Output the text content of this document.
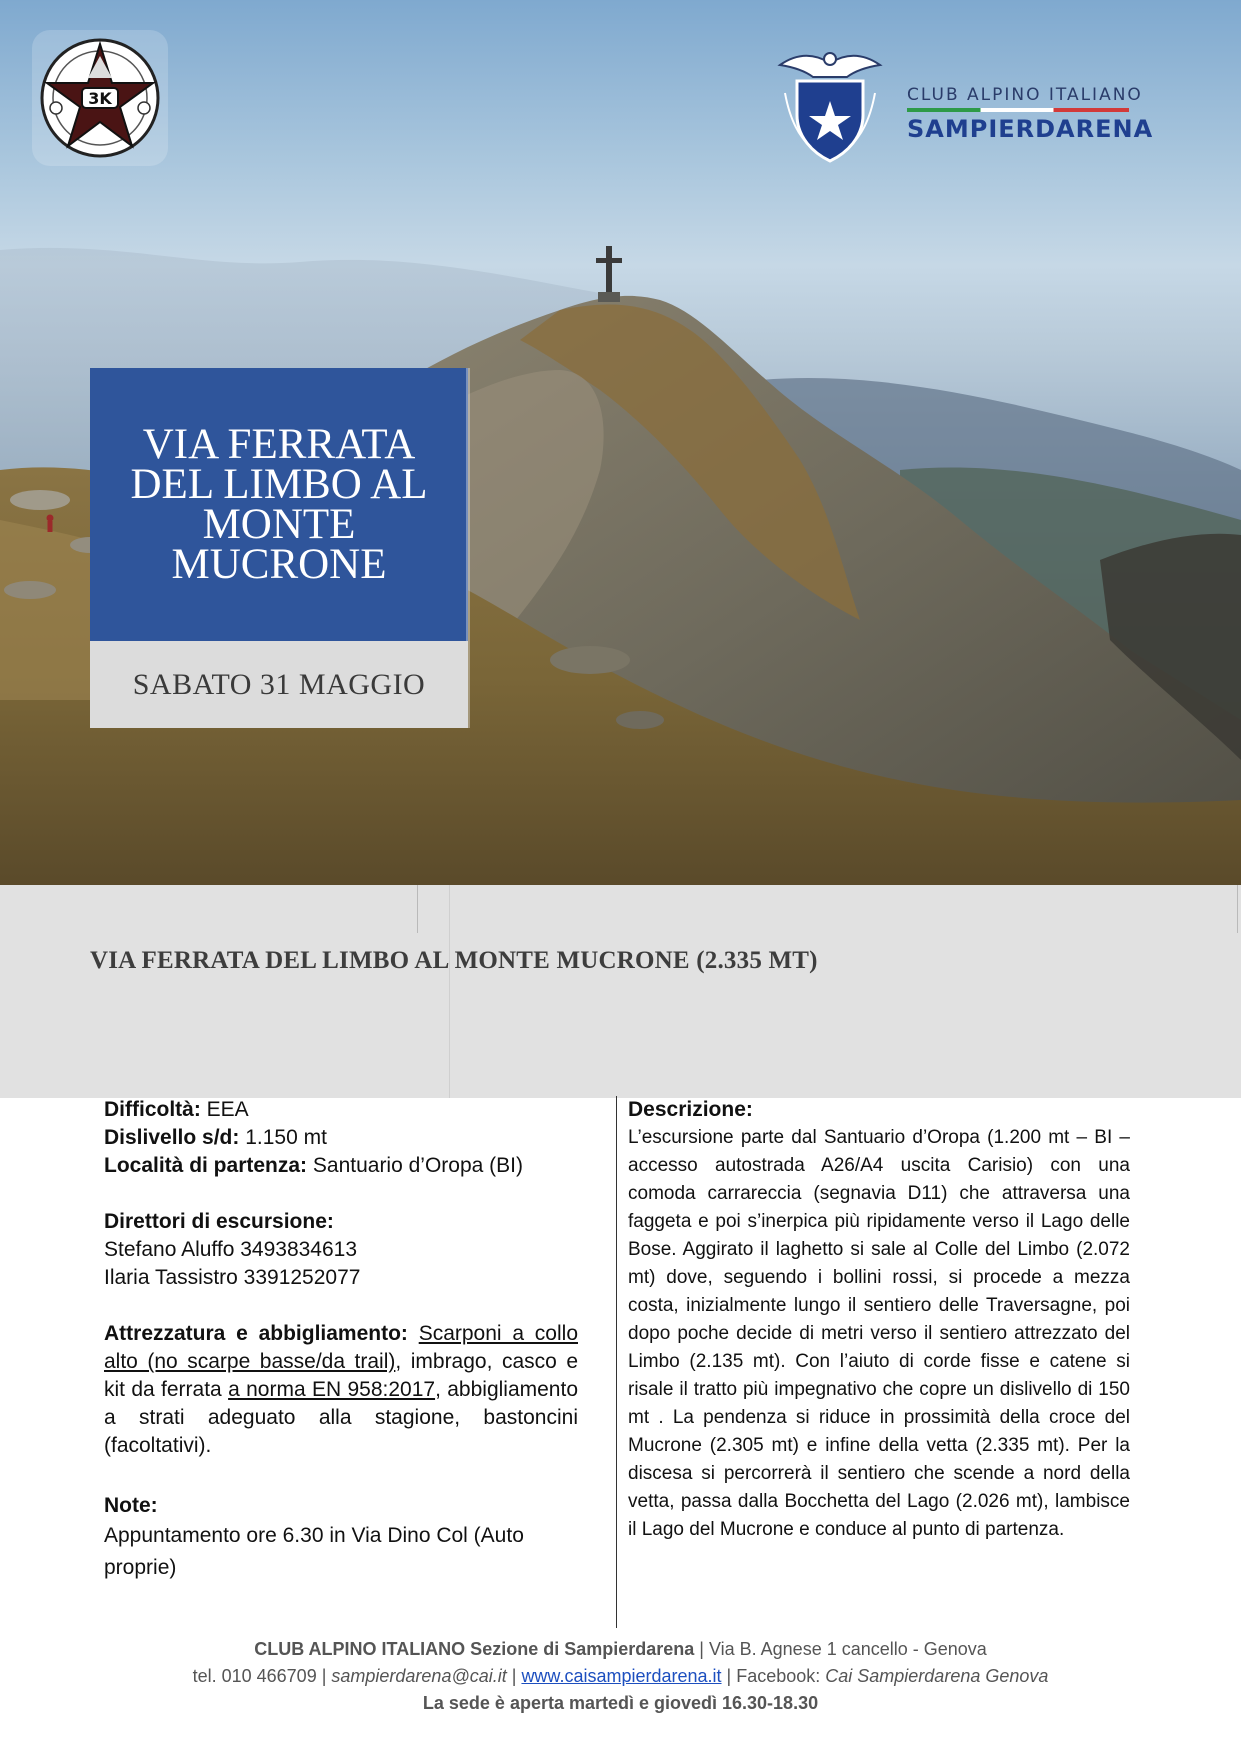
3K	CLUB ALPINO ITALIANO
SAMPIERDARENA
VIA FERRATA DEL LIMBO AL MONTE MUCRONE
SABATO 31 MAGGIO
VIA FERRATA DEL LIMBO AL MONTE MUCRONE (2.335 MT)
Difficoltà: EEA
Dislivello s/d: 1.150 mt
Località di partenza: Santuario d’Oropa (BI)
Direttori di escursione:
Stefano Aluffo 3493834613
Ilaria Tassistro 3391252077
Attrezzatura e abbigliamento: Scarponi a collo alto (no scarpe basse/da trail), imbrago, casco e kit da ferrata a norma EN 958:2017, abbigliamento a strati adeguato alla stagione, bastoncini (facoltativi).
Note:
Appuntamento ore 6.30 in Via Dino Col (Auto proprie)
Descrizione:
L’escursione parte dal Santuario d’Oropa (1.200 mt – BI – accesso autostrada A26/A4 uscita Carisio) con una comoda carrareccia (segnavia D11) che attraversa una faggeta e poi s’inerpica più ripidamente verso il Lago delle Bose. Aggirato il laghetto si sale al Colle del Limbo (2.072 mt) dove, seguendo i bollini rossi, si procede a mezza costa, inizialmente lungo il sentiero delle Traversagne, poi dopo poche decide di metri verso il sentiero attrezzato del Limbo (2.135 mt). Con l’aiuto di corde fisse e catene si risale il tratto più impegnativo che copre un dislivello di 150 mt . La pendenza si riduce in prossimità della croce del Mucrone (2.305 mt) e infine della vetta (2.335 mt). Per la discesa si percorrerà il sentiero che scende a nord della vetta, passa dalla Bocchetta del Lago (2.026 mt), lambisce il Lago del Mucrone e conduce al punto di partenza.
CLUB ALPINO ITALIANO Sezione di Sampierdarena | Via B. Agnese 1 cancello - Genova
tel. 010 466709 | sampierdarena@cai.it | www.caisampierdarena.it | Facebook: Cai Sampierdarena Genova
La sede è aperta martedì e giovedì 16.30-18.30
